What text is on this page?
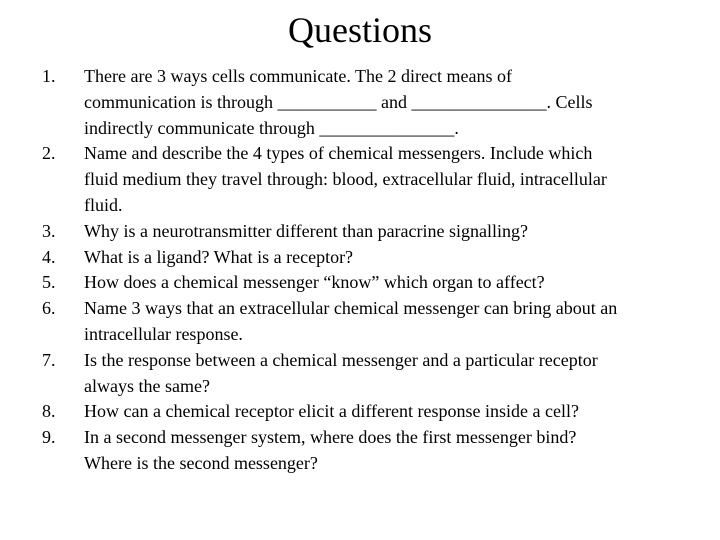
Questions
1.	There are 3 ways cells communicate. The 2 direct means of
communication is through ___________ and _______________. Cells
indirectly communicate through _______________.
2.	Name and describe the 4 types of chemical messengers. Include which
fluid medium they travel through: blood, extracellular fluid, intracellular
fluid.
3.	Why is a neurotransmitter different than paracrine signalling?
4.	What is a ligand? What is a receptor?
5.	How does a chemical messenger “know” which organ to affect?
6.	Name 3 ways that an extracellular chemical messenger can bring about an
intracellular response.
7.	Is the response between a chemical messenger and a particular receptor
always the same?
8.	How can a chemical receptor elicit a different response inside a cell?
9.	In a second messenger system, where does the first messenger bind?
Where is the second messenger?
